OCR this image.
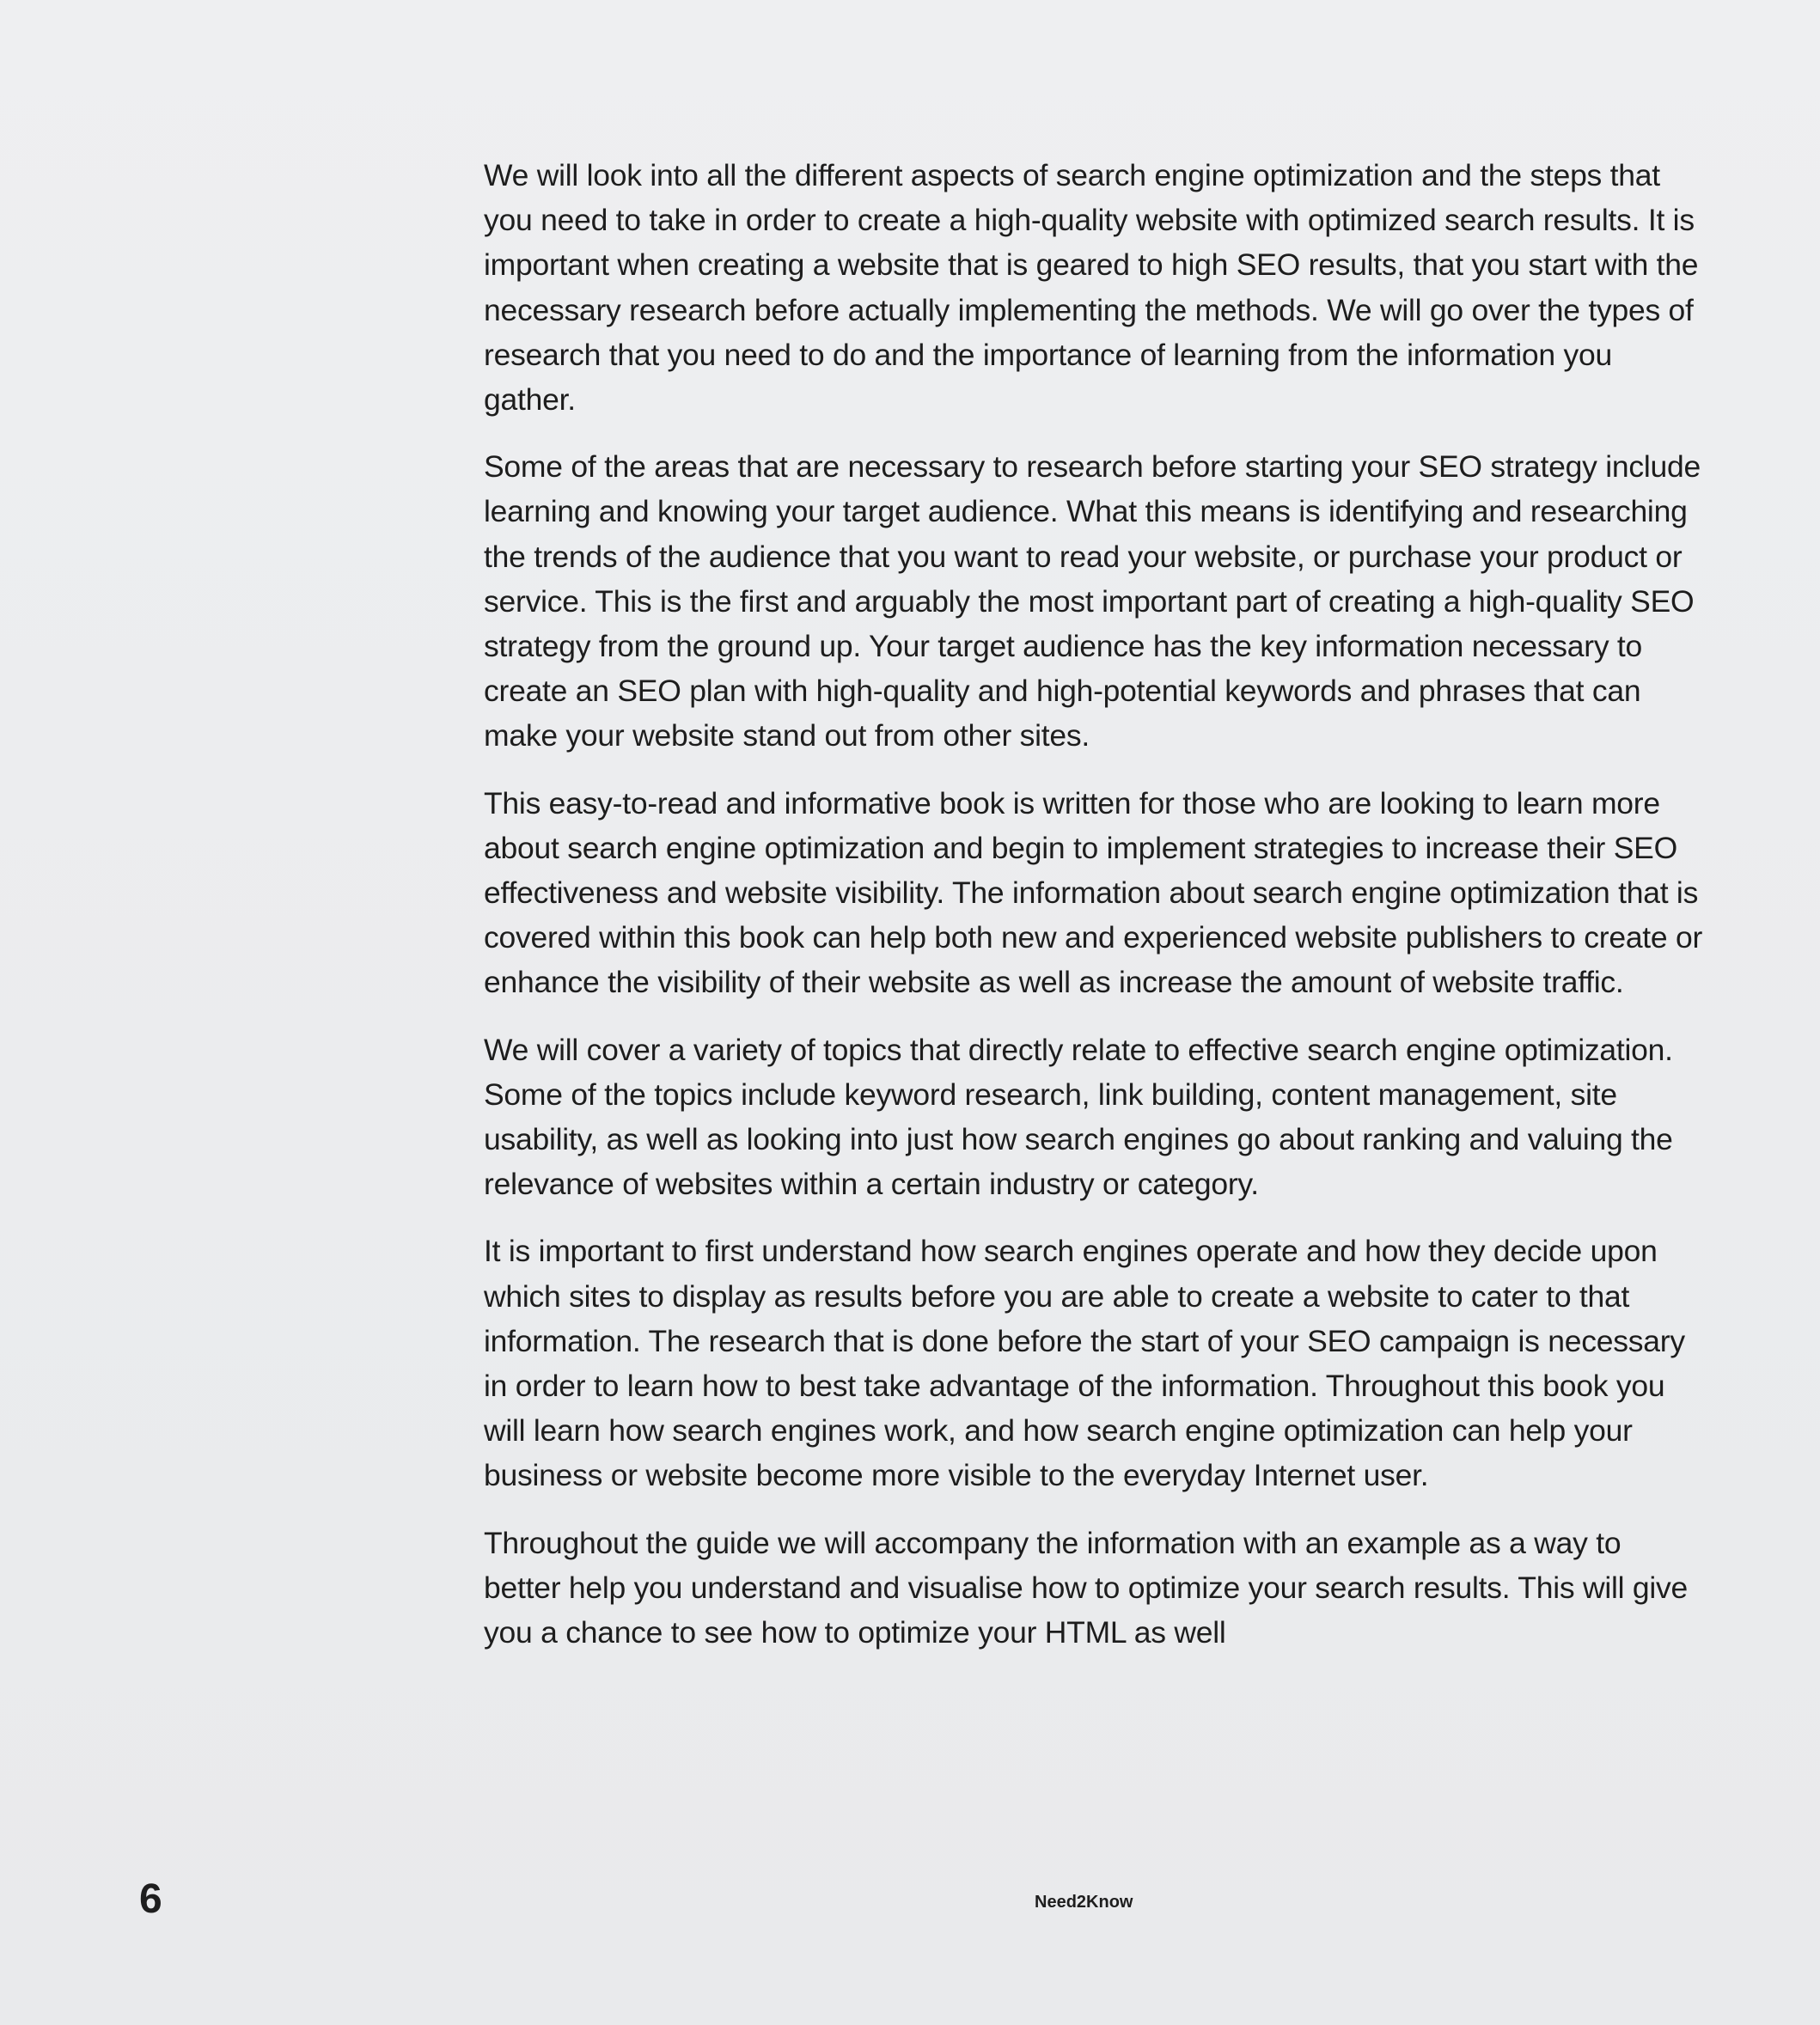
We will look into all the different aspects of search engine optimization and the steps that you need to take in order to create a high-quality website with optimized search results. It is important when creating a website that is geared to high SEO results, that you start with the necessary research before actually implementing the methods. We will go over the types of research that you need to do and the importance of learning from the information you gather.

Some of the areas that are necessary to research before starting your SEO strategy include learning and knowing your target audience. What this means is identifying and researching the trends of the audience that you want to read your website, or purchase your product or service. This is the first and arguably the most important part of creating a high-quality SEO strategy from the ground up. Your target audience has the key information necessary to create an SEO plan with high-quality and high-potential keywords and phrases that can make your website stand out from other sites.

This easy-to-read and informative book is written for those who are looking to learn more about search engine optimization and begin to implement strategies to increase their SEO effectiveness and website visibility. The information about search engine optimization that is covered within this book can help both new and experienced website publishers to create or enhance the visibility of their website as well as increase the amount of website traffic.

We will cover a variety of topics that directly relate to effective search engine optimization. Some of the topics include keyword research, link building, content management, site usability, as well as looking into just how search engines go about ranking and valuing the relevance of websites within a certain industry or category.

It is important to first understand how search engines operate and how they decide upon which sites to display as results before you are able to create a website to cater to that information. The research that is done before the start of your SEO campaign is necessary in order to learn how to best take advantage of the information. Throughout this book you will learn how search engines work, and how search engine optimization can help your business or website become more visible to the everyday Internet user.

Throughout the guide we will accompany the information with an example as a way to better help you understand and visualise how to optimize your search results. This will give you a chance to see how to optimize your HTML as well

6	Need2Know
